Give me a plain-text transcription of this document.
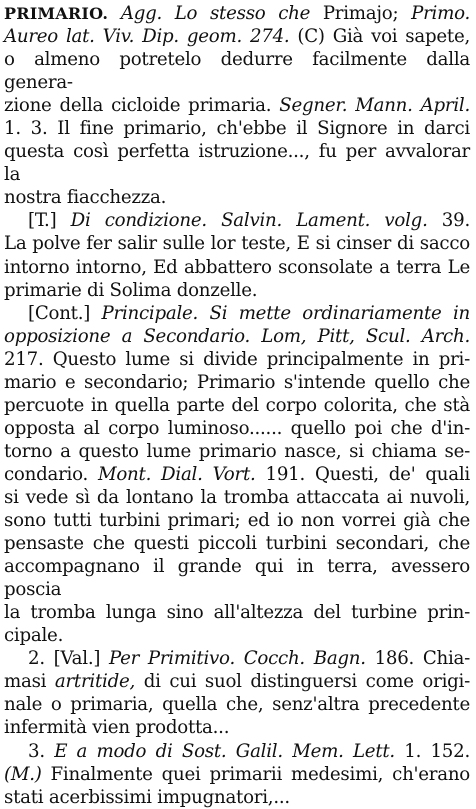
PRIMARIO. Agg. Lo stesso che Primajo; Primo.
Aureo lat. Viv. Dip. geom. 274. (C) Già voi sapete,
o almeno potretelo dedurre facilmente dalla genera-
zione della cicloide primaria. Segner. Mann. April.
1. 3. Il fine primario, ch'ebbe il Signore in darci
questa così perfetta istruzione..., fu per avvalorar la
nostra fiacchezza.
[T.] Di condizione. Salvin. Lament. volg. 39.
La polve fer salir sulle lor teste, E si cinser di sacco
intorno intorno, Ed abbattero sconsolate a terra Le
primarie di Solima donzelle.
[Cont.] Principale. Si mette ordinariamente in
opposizione a Secondario. Lom, Pitt, Scul. Arch.
217. Questo lume si divide principalmente in pri-
mario e secondario; Primario s'intende quello che
percuote in quella parte del corpo colorita, che stà
opposta al corpo luminoso...... quello poi che d'in-
torno a questo lume primario nasce, si chiama se-
condario. Mont. Dial. Vort. 191. Questi, de' quali
si vede sì da lontano la tromba attaccata ai nuvoli,
sono tutti turbini primari; ed io non vorrei già che
pensaste che questi piccoli turbini secondari, che
accompagnano il grande qui in terra, avessero poscia
la tromba lunga sino all'altezza del turbine prin-
cipale.
2. [Val.] Per Primitivo. Cocch. Bagn. 186. Chia-
masi artritide, di cui suol distinguersi come origi-
nale o primaria, quella che, senz'altra precedente
infermità vien prodotta...
3. E a modo di Sost. Galil. Mem. Lett. 1. 152.
(M.) Finalmente quei primarii medesimi, ch'erano
stati acerbissimi impugnatori,...
